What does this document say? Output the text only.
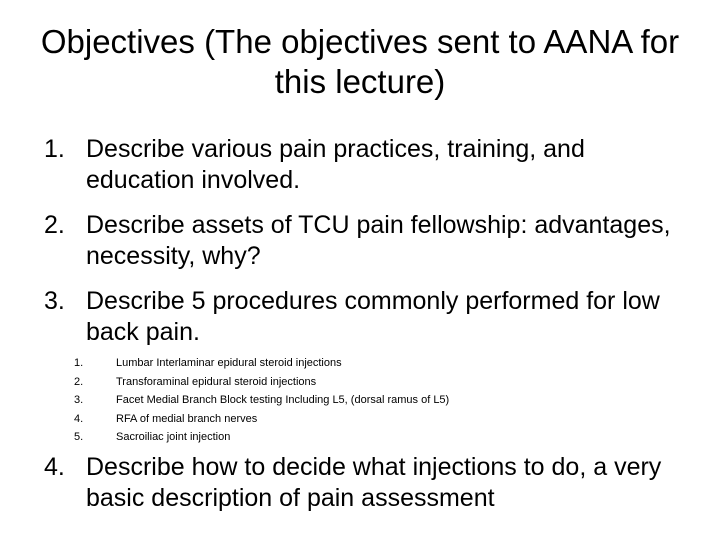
Objectives (The objectives sent to AANA for this lecture)
1. Describe various pain practices, training, and education involved.
2. Describe assets of TCU pain fellowship: advantages, necessity, why?
3. Describe 5 procedures commonly performed for low back pain.
1.	Lumbar Interlaminar epidural steroid injections
2.	Transforaminal epidural steroid injections
3.	Facet Medial Branch Block testing Including L5, (dorsal ramus of L5)
4.	RFA of medial branch nerves
5.	Sacroiliac joint injection
4. Describe how to decide what injections to do, a very basic description of pain assessment
